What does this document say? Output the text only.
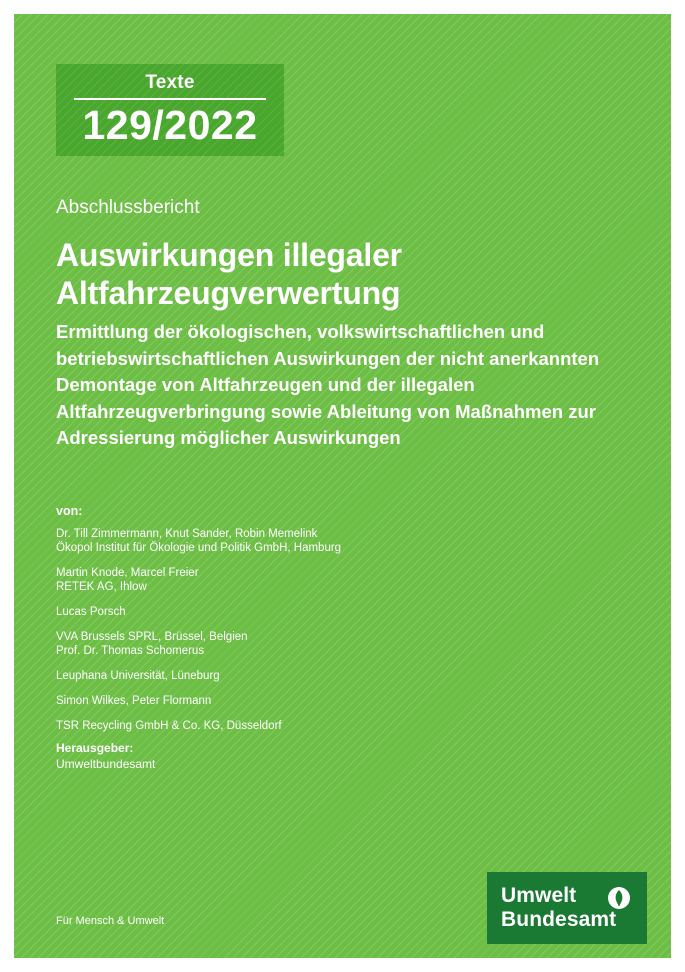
Texte
129/2022
Abschlussbericht
Auswirkungen illegaler Altfahrzeugverwertung
Ermittlung der ökologischen, volkswirtschaftlichen und betriebswirtschaftlichen Auswirkungen der nicht anerkannten Demontage von Altfahrzeugen und der illegalen Altfahrzeugverbringung sowie Ableitung von Maßnahmen zur Adressierung möglicher Auswirkungen
von:
Dr. Till Zimmermann, Knut Sander, Robin Memelink
Ökopol Institut für Ökologie und Politik GmbH, Hamburg
Martin Knode, Marcel Freier
RETEK AG, Ihlow
Lucas Porsch
VVA Brussels SPRL, Brüssel, Belgien
Prof. Dr. Thomas Schomerus
Leuphana Universität, Lüneburg
Simon Wilkes, Peter Flormann
TSR Recycling GmbH & Co. KG, Düsseldorf
Herausgeber:
Umweltbundesamt
Für Mensch & Umwelt
Umwelt
Bundesamt
